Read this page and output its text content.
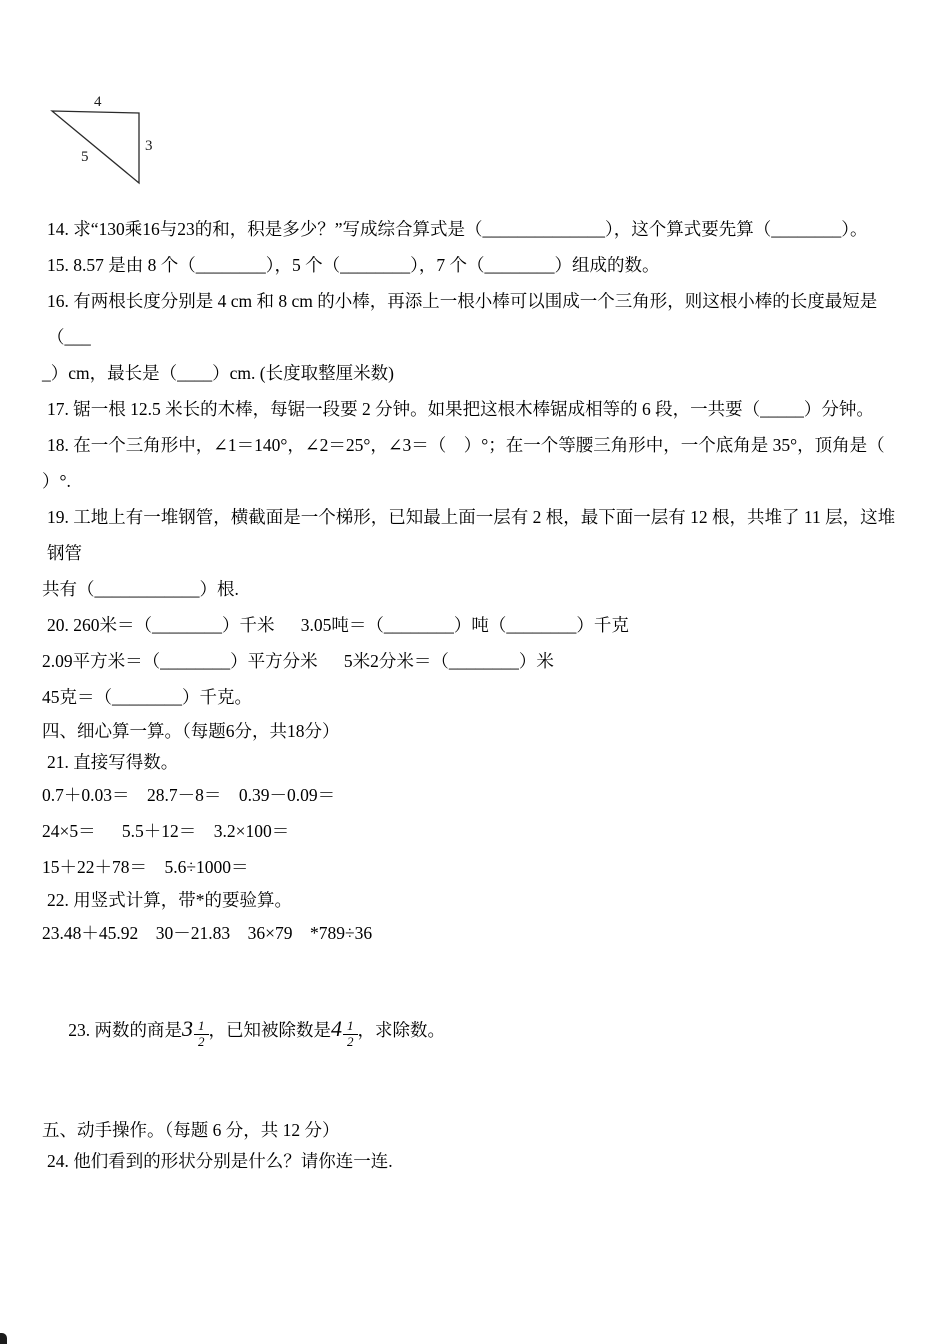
4
3
5
14. 求“130乘16与23的和，积是多少？”写成综合算式是（______________），这个算式要先算（________）。
15. 8.57 是由 8 个（________），5 个（________），7 个（________）组成的数。
16. 有两根长度分别是 4 cm 和 8 cm 的小棒，再添上一根小棒可以围成一个三角形，则这根小棒的长度最短是（___
_）cm，最长是（____）cm. (长度取整厘米数)
17. 锯一根 12.5 米长的木棒，每锯一段要 2 分钟。如果把这根木棒锯成相等的 6 段，一共要（_____）分钟。
18. 在一个三角形中，∠1＝140°，∠2＝25°，∠3＝（　）°；在一个等腰三角形中，一个底角是 35°，顶角是（
）°.
19. 工地上有一堆钢管，横截面是一个梯形，已知最上面一层有 2 根，最下面一层有 12 根，共堆了 11 层，这堆钢管
共有（____________）根.
20. 260米＝（________）千米      3.05吨＝（________）吨（________）千克
2.09平方米＝（________）平方分米      5米2分米＝（________）米
45克＝（________）千克。
四、细心算一算。（每题6分，共18分）
21. 直接写得数。
0.7＋0.03＝    28.7－8＝    0.39－0.09＝
24×5＝      5.5＋12＝    3.2×100＝
15＋22＋78＝    5.6÷1000＝
22. 用竖式计算，带*的要验算。
23.48＋45.92    30－21.83    36×79    *789÷36

23. 两数的商是$3 \frac{1}{2}$ ，已知被除数是$4 \frac{1}{2}$ ，求除数。

五、动手操作。（每题 6 分，共 12 分）
24. 他们看到的形状分别是什么？请你连一连.
